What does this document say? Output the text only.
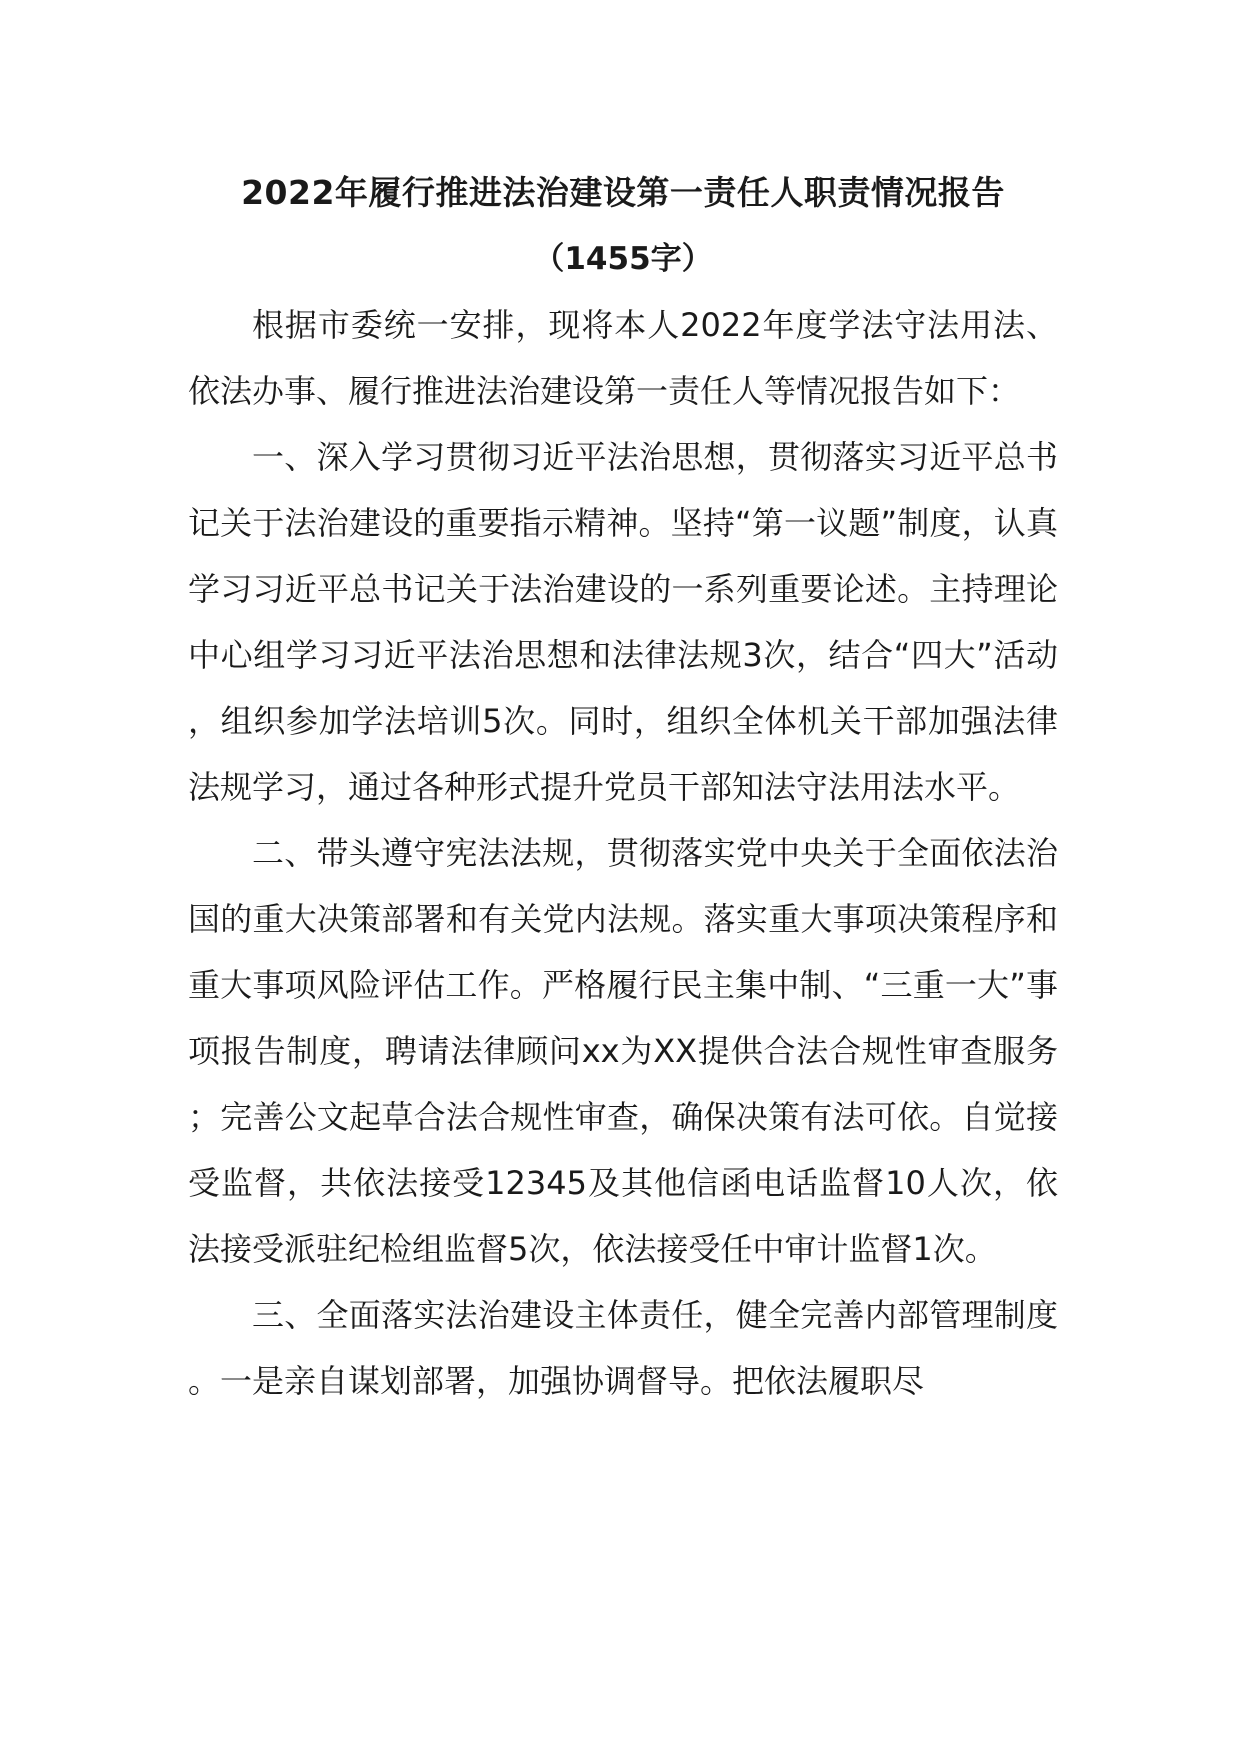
2022年履行推进法治建设第一责任人职责情况报告
（1455字）

根据市委统一安排，现将本人2022年度学法守法用法、依法办事、履行推进法治建设第一责任人等情况报告如下：

一、深入学习贯彻习近平法治思想，贯彻落实习近平总书记关于法治建设的重要指示精神。坚持“第一议题”制度，认真学习习近平总书记关于法治建设的一系列重要论述。主持理论中心组学习习近平法治思想和法律法规3次，结合“四大”活动，组织参加学法培训5次。同时，组织全体机关干部加强法律法规学习，通过各种形式提升党员干部知法守法用法水平。

二、带头遵守宪法法规，贯彻落实党中央关于全面依法治国的重大决策部署和有关党内法规。落实重大事项决策程序和重大事项风险评估工作。严格履行民主集中制、“三重一大”事项报告制度，聘请法律顾问xx为XX提供合法合规性审查服务；完善公文起草合法合规性审查，确保决策有法可依。自觉接受监督，共依法接受12345及其他信函电话监督10人次，依法接受派驻纪检组监督5次，依法接受任中审计监督1次。

三、全面落实法治建设主体责任，健全完善内部管理制度。一是亲自谋划部署，加强协调督导。把依法履职尽
